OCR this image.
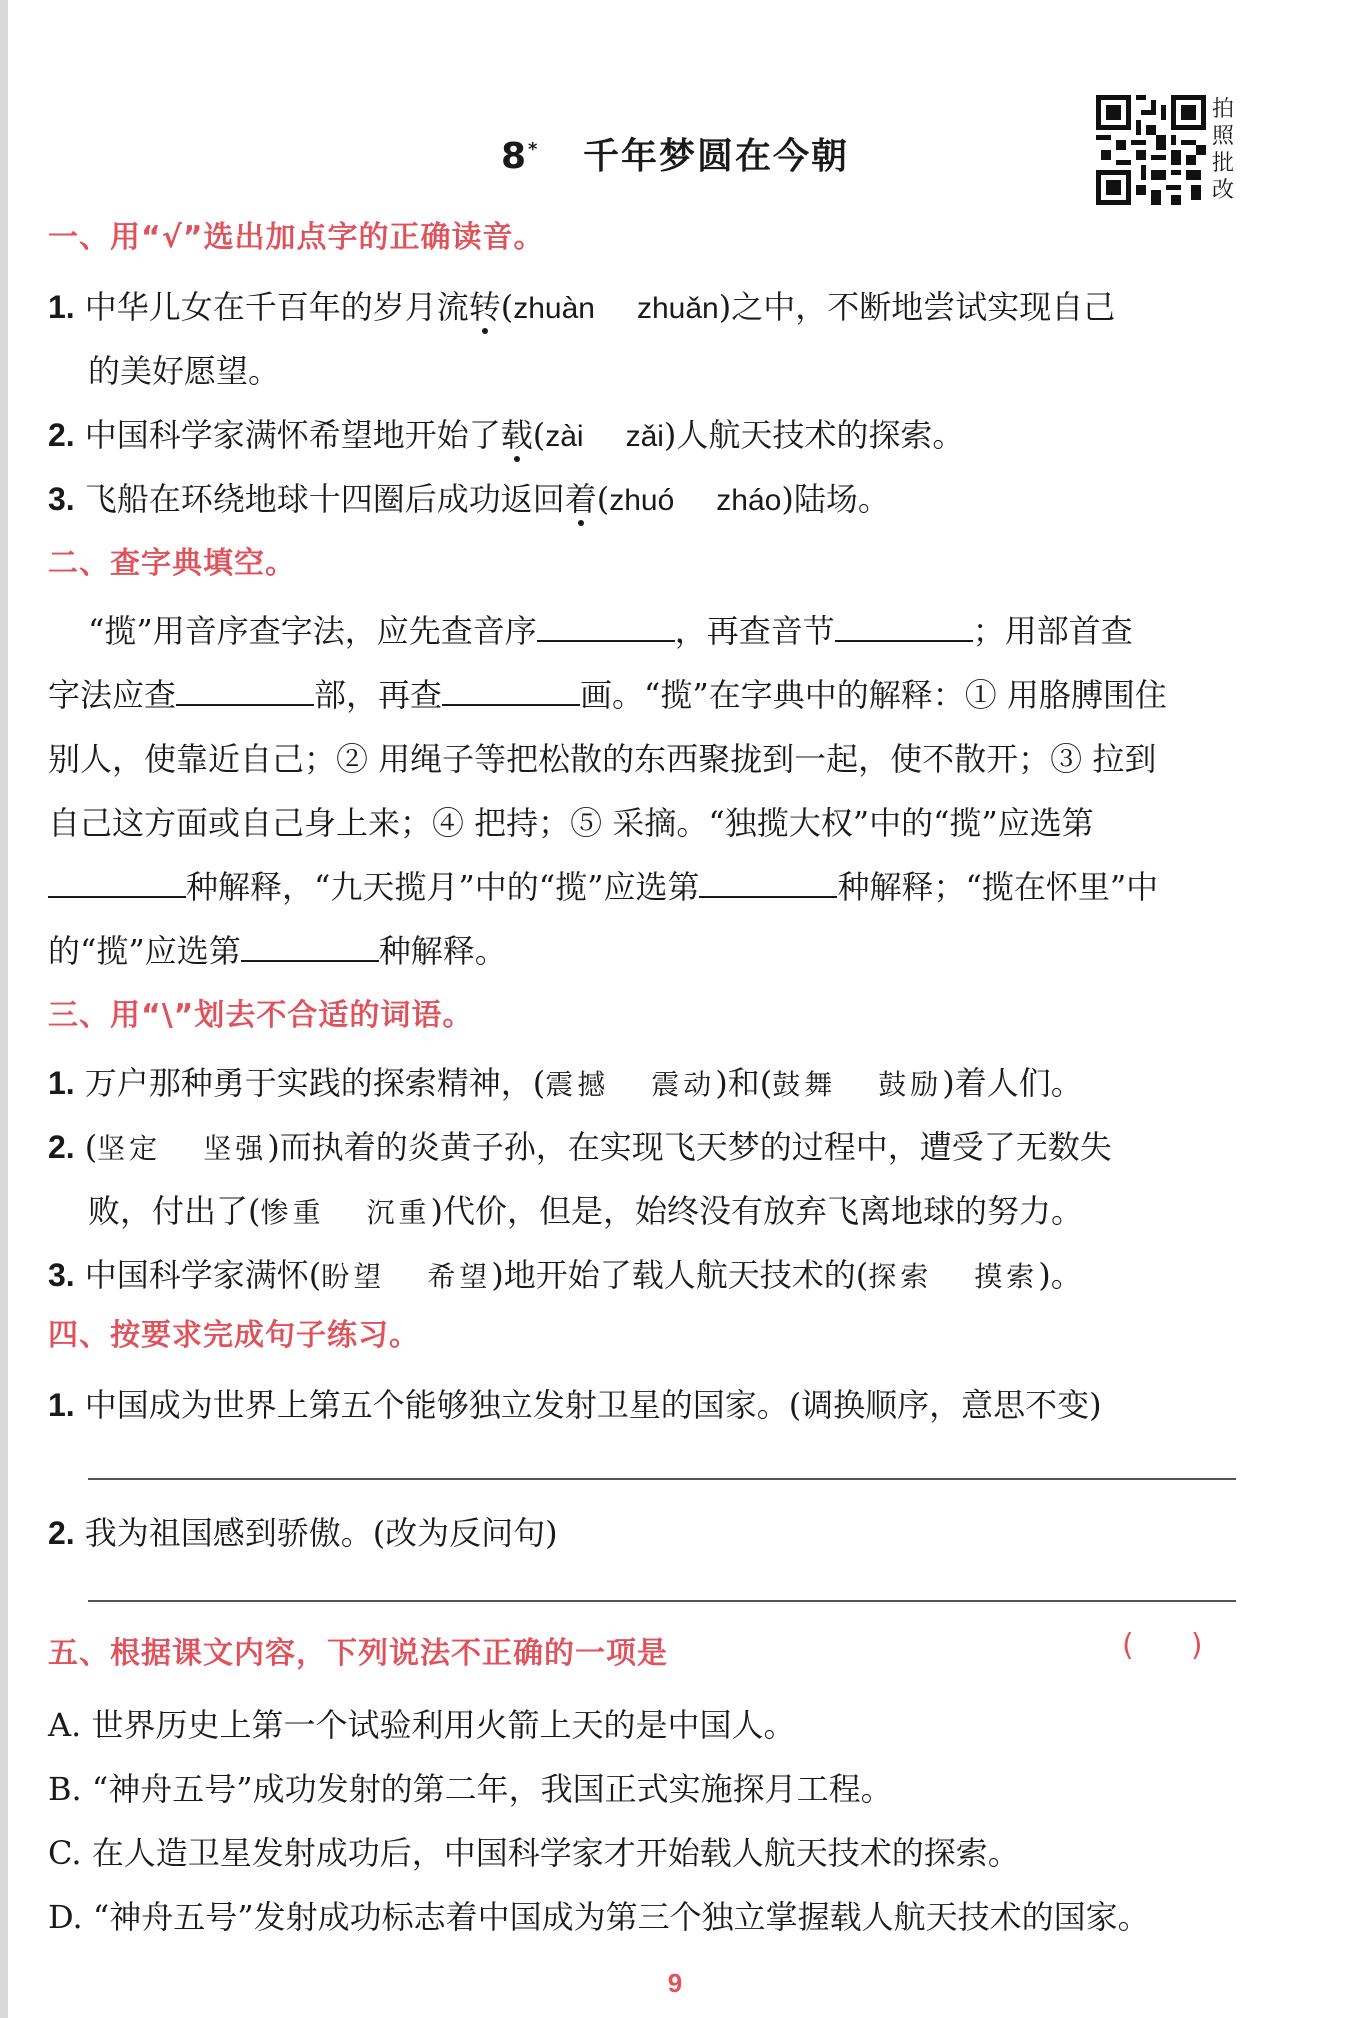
8* 千年梦圆在今朝
拍照批改
一、用“√”选出加点字的正确读音。
1. 中华儿女在千百年的岁月流转(zhuàn zhuǎn)之中，不断地尝试实现自己
的美好愿望。
2. 中国科学家满怀希望地开始了载(zài zǎi)人航天技术的探索。
3. 飞船在环绕地球十四圈后成功返回着(zhuó zháo)陆场。
二、查字典填空。
“揽”用音序查字法，应先查音序	，再查音节	；用部首查
字法应查	部，再查	画。“揽”在字典中的解释：① 用胳膊围住
别人，使靠近自己；② 用绳子等把松散的东西聚拢到一起，使不散开；③ 拉到
自己这方面或自己身上来；④ 把持；⑤ 采摘。“独揽大权”中的“揽”应选第
种解释，“九天揽月”中的“揽”应选第	种解释；“揽在怀里”中
的“揽”应选第	种解释。
三、用“\”划去不合适的词语。
1. 万户那种勇于实践的探索精神，(震撼 震动)和(鼓舞 鼓励)着人们。
2. (坚定 坚强)而执着的炎黄子孙，在实现飞天梦的过程中，遭受了无数失
败，付出了(惨重 沉重)代价，但是，始终没有放弃飞离地球的努力。
3. 中国科学家满怀(盼望 希望)地开始了载人航天技术的(探索 摸索)。
四、按要求完成句子练习。
1. 中国成为世界上第五个能够独立发射卫星的国家。(调换顺序，意思不变)
2. 我为祖国感到骄傲。(改为反问句)
五、根据课文内容，下列说法不正确的一项是	(      )
A. 世界历史上第一个试验利用火箭上天的是中国人。
B. “神舟五号”成功发射的第二年，我国正式实施探月工程。
C. 在人造卫星发射成功后，中国科学家才开始载人航天技术的探索。
D. “神舟五号”发射成功标志着中国成为第三个独立掌握载人航天技术的国家。
9
